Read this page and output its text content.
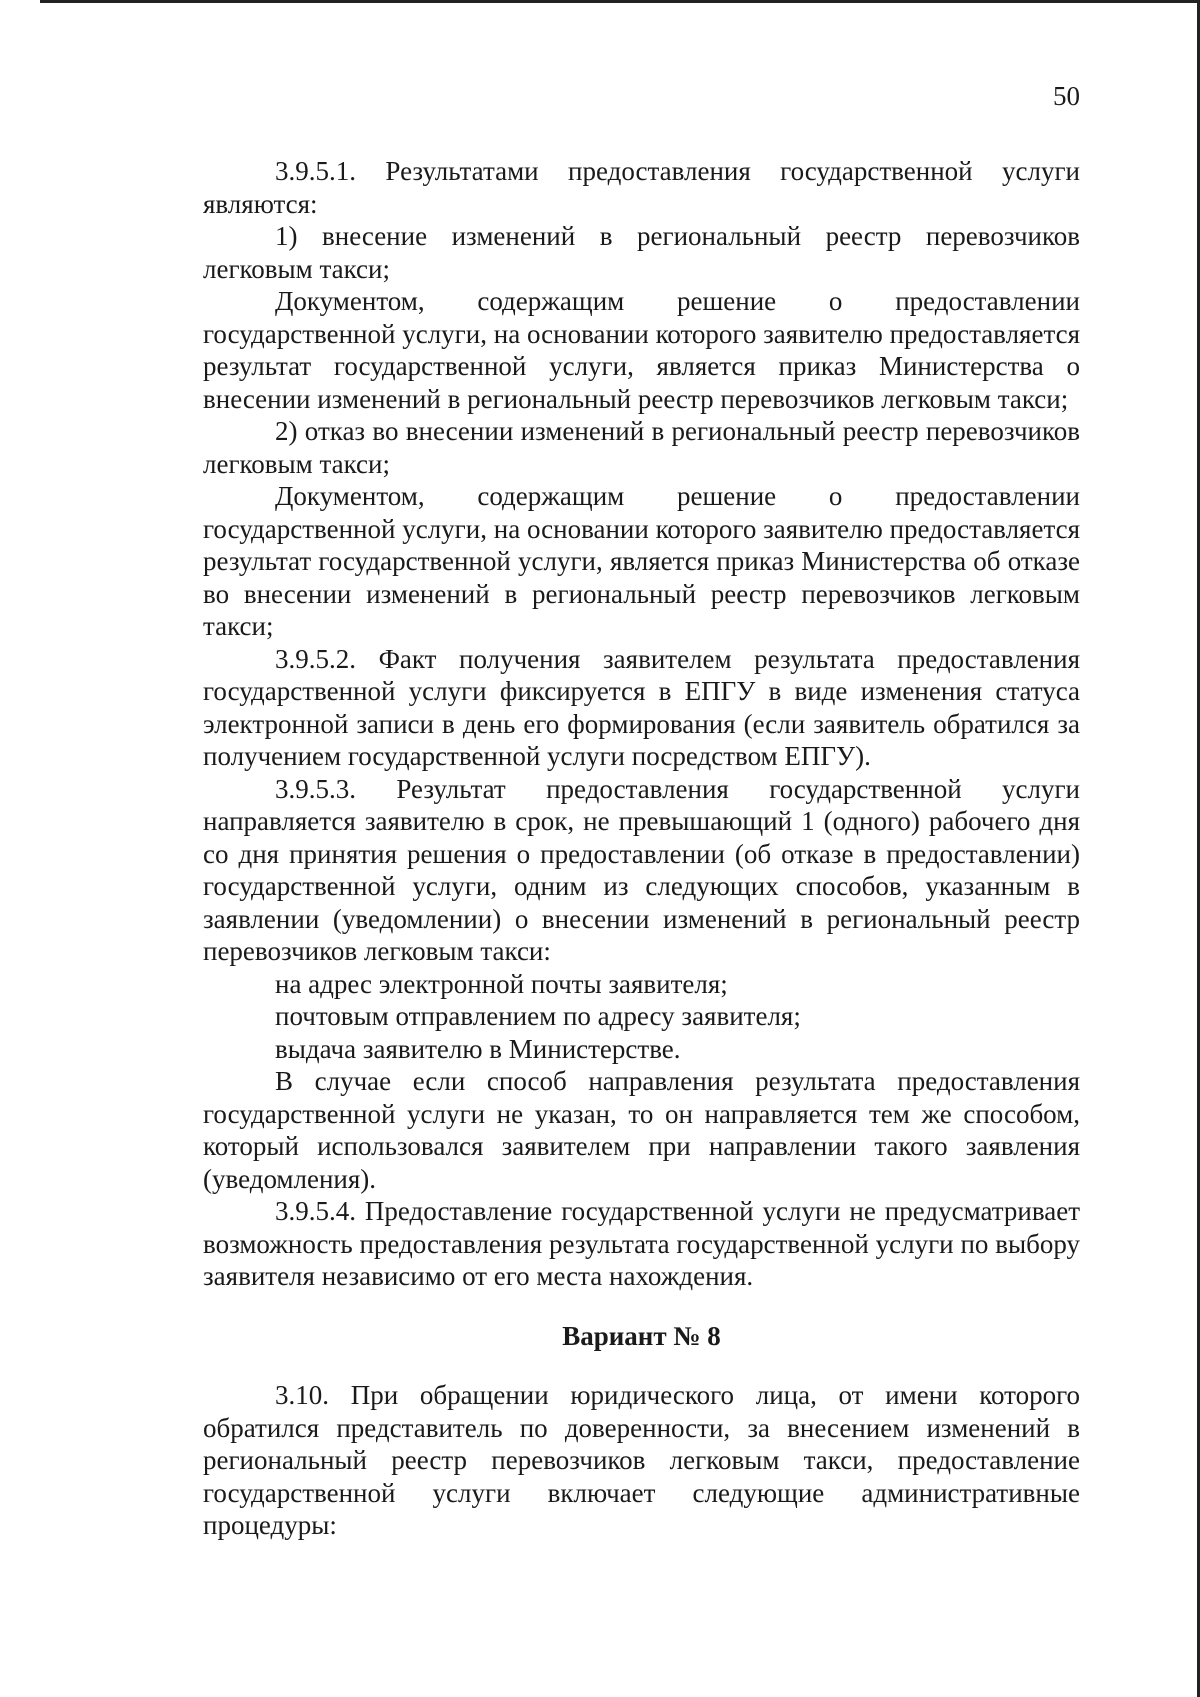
50

3.9.5.1. Результатами предоставления государственной услуги являются:

1) внесение изменений в региональный реестр перевозчиков легковым такси;

Документом, содержащим решение о предоставлении государственной услуги, на основании которого заявителю предоставляется результат государственной услуги, является приказ Министерства о внесении изменений в региональный реестр перевозчиков легковым такси;

2) отказ во внесении изменений в региональный реестр перевозчиков легковым такси;

Документом, содержащим решение о предоставлении государственной услуги, на основании которого заявителю предоставляется результат государственной услуги, является приказ Министерства об отказе во внесении изменений в региональный реестр перевозчиков легковым такси;

3.9.5.2. Факт получения заявителем результата предоставления государственной услуги фиксируется в ЕПГУ в виде изменения статуса электронной записи в день его формирования (если заявитель обратился за получением государственной услуги посредством ЕПГУ).

3.9.5.3. Результат предоставления государственной услуги направляется заявителю в срок, не превышающий 1 (одного) рабочего дня со дня принятия решения о предоставлении (об отказе в предоставлении) государственной услуги, одним из следующих способов, указанным в заявлении (уведомлении) о внесении изменений в региональный реестр перевозчиков легковым такси:

на адрес электронной почты заявителя;

почтовым отправлением по адресу заявителя;

выдача заявителю в Министерстве.

В случае если способ направления результата предоставления государственной услуги не указан, то он направляется тем же способом, который использовался заявителем при направлении такого заявления (уведомления).

3.9.5.4. Предоставление государственной услуги не предусматривает возможность предоставления результата государственной услуги по выбору заявителя независимо от его места нахождения.

Вариант № 8

3.10. При обращении юридического лица, от имени которого обратился представитель по доверенности, за внесением изменений в региональный реестр перевозчиков легковым такси, предоставление государственной услуги включает следующие административные процедуры:
